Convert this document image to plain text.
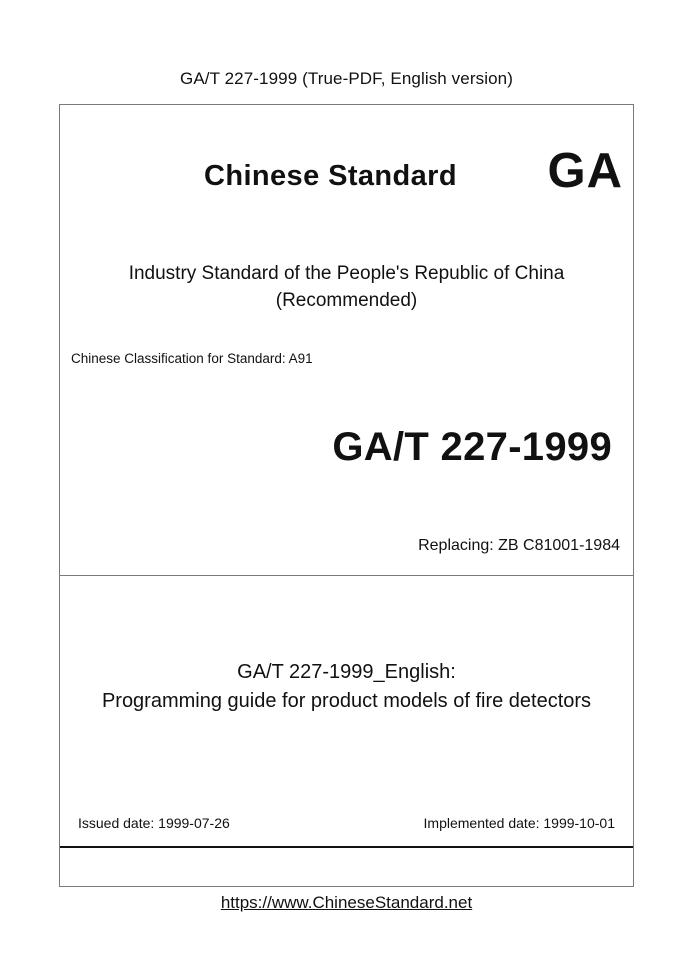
GA/T 227-1999 (True-PDF, English version)
Chinese Standard GA
Industry Standard of the People's Republic of China
(Recommended)
Chinese Classification for Standard: A91
GA/T 227-1999
Replacing: ZB C81001-1984
GA/T 227-1999_English:
Programming guide for product models of fire detectors
Issued date: 1999-07-26	Implemented date: 1999-10-01
https://www.ChineseStandard.net
